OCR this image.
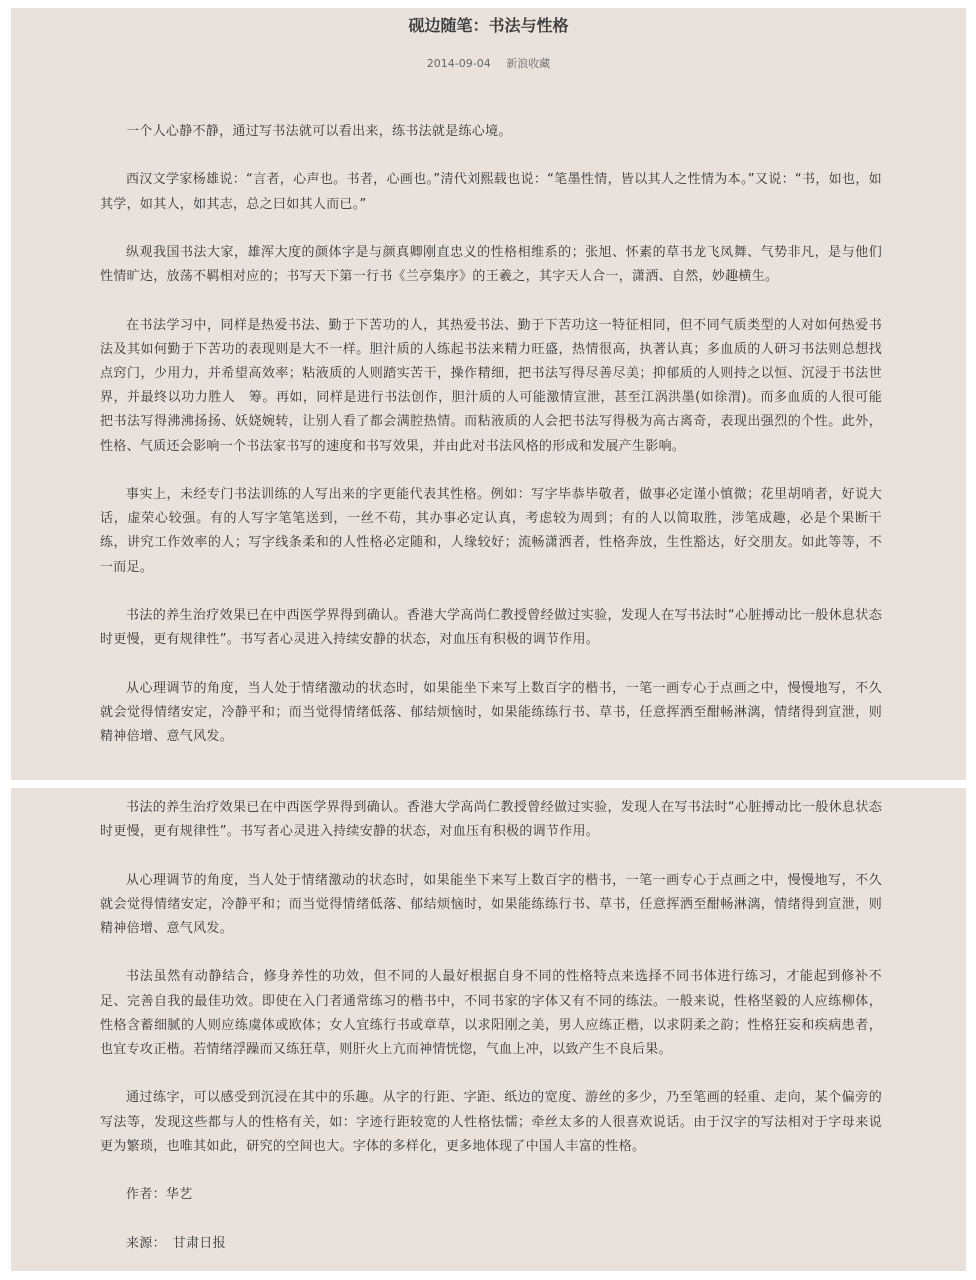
砚边随笔：书法与性格
2014-09-04 新浪收藏

一个人心静不静，通过写书法就可以看出来，练书法就是练心境。

西汉文学家杨雄说：“言者，心声也。书者，心画也。”清代刘熙载也说：“笔墨性情，皆以其人之性情为本。”又说：“书，如也，如其学，如其人，如其志，总之曰如其人而已。”

纵观我国书法大家，雄浑大度的颜体字是与颜真卿刚直忠义的性格相维系的；张旭、怀素的草书龙飞凤舞、气势非凡，是与他们性情旷达，放荡不羁相对应的；书写天下第一行书《兰亭集序》的王羲之，其字天人合一，潇洒、自然，妙趣横生。

在书法学习中，同样是热爱书法、勤于下苦功的人，其热爱书法、勤于下苦功这一特征相同，但不同气质类型的人对如何热爱书法及其如何勤于下苦功的表现则是大不一样。胆汁质的人练起书法来精力旺盛，热情很高，执著认真；多血质的人研习书法则总想找点窍门，少用力，并希望高效率；粘液质的人则踏实苦干，操作精细，把书法写得尽善尽美；抑郁质的人则持之以恒、沉浸于书法世界，并最终以功力胜人　筹。再如，同样是进行书法创作，胆汁质的人可能激情宣泄，甚至江涡洪墨(如徐渭)。而多血质的人很可能把书法写得沸沸扬扬、妖娆婉转，让别人看了都会满腔热情。而粘液质的人会把书法写得极为高古离奇，表现出强烈的个性。此外，性格、气质还会影响一个书法家书写的速度和书写效果，并由此对书法风格的形成和发展产生影响。

事实上，未经专门书法训练的人写出来的字更能代表其性格。例如：写字毕恭毕敬者，做事必定谨小慎微；花里胡哨者，好说大话，虚荣心较强。有的人写字笔笔送到，一丝不苟，其办事必定认真，考虑较为周到；有的人以简取胜，涉笔成趣，必是个果断干练，讲究工作效率的人；写字线条柔和的人性格必定随和，人缘较好；流畅潇洒者，性格奔放，生性豁达，好交朋友。如此等等，不一而足。

书法的养生治疗效果已在中西医学界得到确认。香港大学高尚仁教授曾经做过实验，发现人在写书法时“心脏搏动比一般休息状态时更慢，更有规律性”。书写者心灵进入持续安静的状态，对血压有积极的调节作用。

从心理调节的角度，当人处于情绪激动的状态时，如果能坐下来写上数百字的楷书，一笔一画专心于点画之中，慢慢地写，不久就会觉得情绪安定，冷静平和；而当觉得情绪低落、郁结烦恼时，如果能练练行书、草书，任意挥洒至酣畅淋漓，情绪得到宣泄，则精神倍增、意气风发。

书法的养生治疗效果已在中西医学界得到确认。香港大学高尚仁教授曾经做过实验，发现人在写书法时“心脏搏动比一般休息状态时更慢，更有规律性”。书写者心灵进入持续安静的状态，对血压有积极的调节作用。

从心理调节的角度，当人处于情绪激动的状态时，如果能坐下来写上数百字的楷书，一笔一画专心于点画之中，慢慢地写，不久就会觉得情绪安定，冷静平和；而当觉得情绪低落、郁结烦恼时，如果能练练行书、草书，任意挥洒至酣畅淋漓，情绪得到宣泄，则精神倍增、意气风发。

书法虽然有动静结合，修身养性的功效，但不同的人最好根据自身不同的性格特点来选择不同书体进行练习，才能起到修补不足、完善自我的最佳功效。即使在入门者通常练习的楷书中，不同书家的字体又有不同的练法。一般来说，性格坚毅的人应练柳体，性格含蓄细腻的人则应练虞体或欧体；女人宜练行书或章草，以求阳刚之美，男人应练正楷，以求阴柔之韵；性格狂妄和疾病患者，也宜专攻正楷。若情绪浮躁而又练狂草，则肝火上亢而神情恍惚，气血上冲，以致产生不良后果。

通过练字，可以感受到沉浸在其中的乐趣。从字的行距、字距、纸边的宽度、游丝的多少，乃至笔画的轻重、走向，某个偏旁的写法等，发现这些都与人的性格有关，如：字迹行距较宽的人性格怯懦；牵丝太多的人很喜欢说话。由于汉字的写法相对于字母来说更为繁琐，也唯其如此，研究的空间也大。字体的多样化，更多地体现了中国人丰富的性格。

作者：华艺

来源：　甘肃日报
